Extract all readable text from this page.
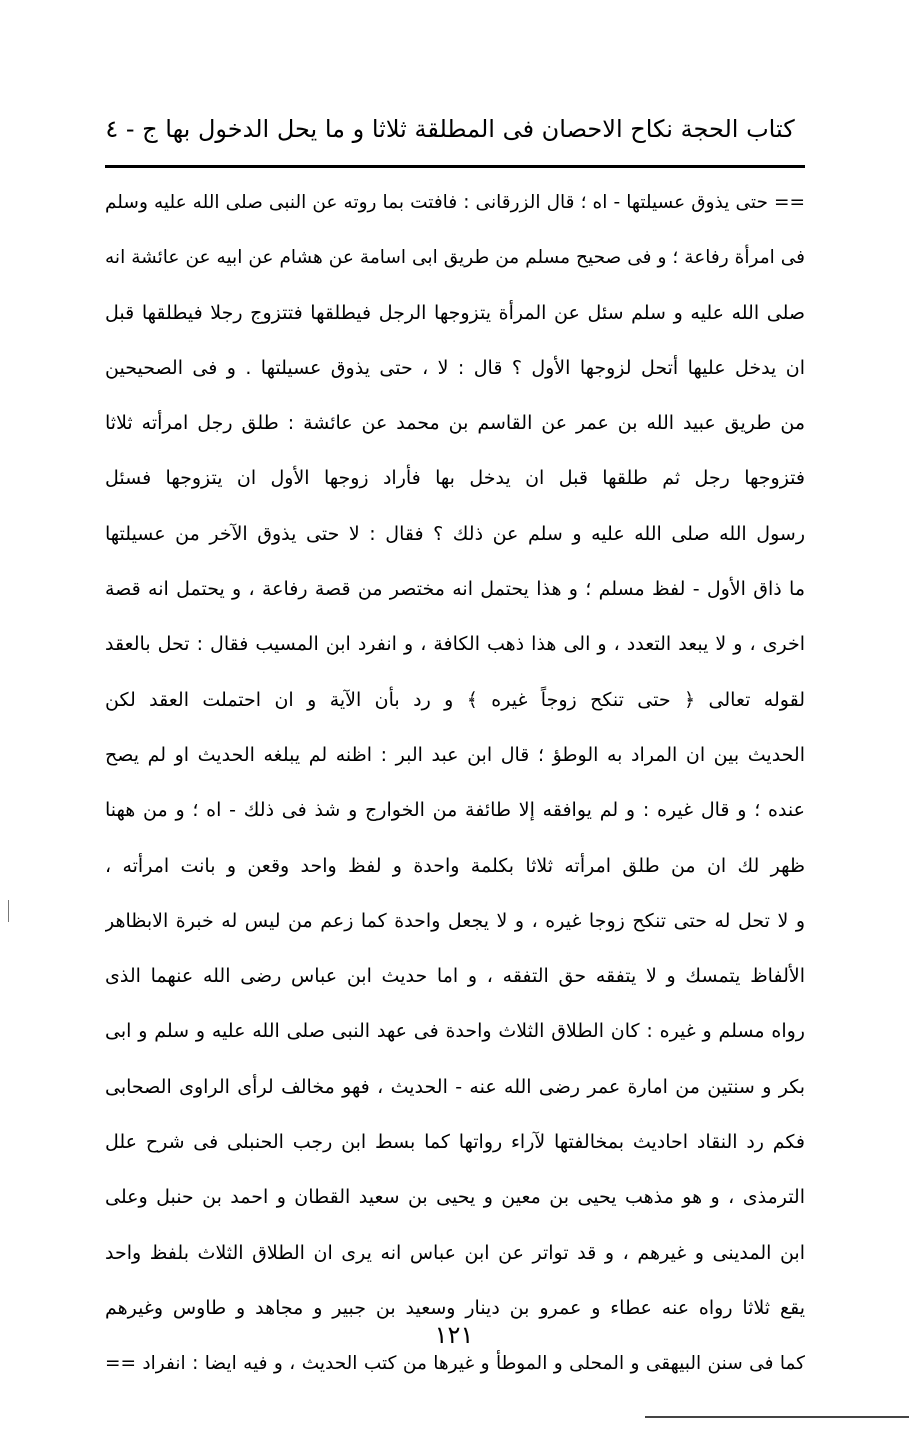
كتاب الحجة نكاح الاحصان فى المطلقة ثلاثا و ما يحل الدخول بها ج - ٤
== حتى يذوق عسيلتها - اه ؛ قال الزرقانى : فافتت بما روته عن النبى صلى الله عليه وسلم
فى امرأة رفاعة ؛ و فى صحيح مسلم من طريق ابى اسامة عن هشام عن ابيه عن عائشة انه
صلى الله عليه و سلم سئل عن المرأة يتزوجها الرجل فيطلقها فتتزوج رجلا فيطلقها قبل
ان يدخل عليها أتحل لزوجها الأول ؟ قال : لا ، حتى يذوق عسيلتها . و فى الصحيحين
من طريق عبيد الله بن عمر عن القاسم بن محمد عن عائشة : طلق رجل امرأته ثلاثا
فتزوجها رجل ثم طلقها قبل ان يدخل بها فأراد زوجها الأول ان يتزوجها فسئل
رسول الله صلى الله عليه و سلم عن ذلك ؟ فقال : لا حتى يذوق الآخر من عسيلتها
ما ذاق الأول - لفظ مسلم ؛ و هذا يحتمل انه مختصر من قصة رفاعة ، و يحتمل انه قصة
اخرى ، و لا يبعد التعدد ، و الى هذا ذهب الكافة ، و انفرد ابن المسيب فقال : تحل بالعقد
لقوله تعالى ﴿ حتى تنكح زوجاً غيره ﴾ و رد بأن الآية و ان احتملت العقد لكن
الحديث بين ان المراد به الوطؤ ؛ قال ابن عبد البر : اظنه لم يبلغه الحديث او لم يصح
عنده ؛ و قال غيره : و لم يوافقه إلا طائفة من الخوارج و شذ فى ذلك - اه ؛ و من ههنا
ظهر لك ان من طلق امرأته ثلاثا بكلمة واحدة و لفظ واحد وقعن و بانت امرأته ،
و لا تحل له حتى تنكح زوجا غيره ، و لا يجعل واحدة كما زعم من ليس له خبرة الابظاهر
الألفاظ يتمسك و لا يتفقه حق التفقه ، و اما حديث ابن عباس رضى الله عنهما الذى
رواه مسلم و غيره : كان الطلاق الثلاث واحدة فى عهد النبى صلى الله عليه و سلم و ابى
بكر و سنتين من امارة عمر رضى الله عنه - الحديث ، فهو مخالف لرأى الراوى الصحابى
فكم رد النقاد احاديث بمخالفتها لآراء رواتها كما بسط ابن رجب الحنبلى فى شرح علل
الترمذى ، و هو مذهب يحيى بن معين و يحيى بن سعيد القطان و احمد بن حنبل وعلى
ابن المدينى و غيرهم ، و قد تواتر عن ابن عباس انه يرى ان الطلاق الثلاث بلفظ واحد
يقع ثلاثا رواه عنه عطاء و عمرو بن دينار وسعيد بن جبير و مجاهد و طاوس وغيرهم
كما فى سنن البيهقى و المحلى و الموطأ و غيرها من كتب الحديث ، و فيه ايضا : انفراد ==
١٢١
